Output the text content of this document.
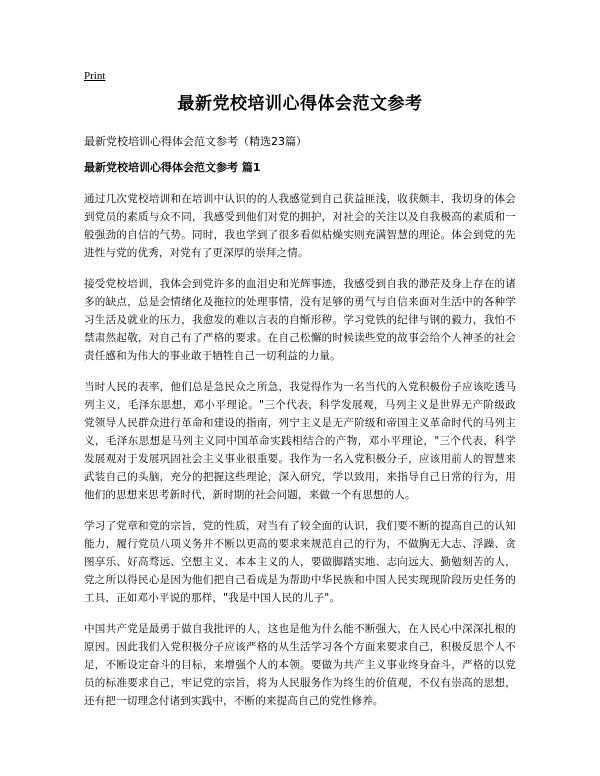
Print
最新党校培训心得体会范文参考
最新党校培训心得体会范文参考（精选23篇）
最新党校培训心得体会范文参考 篇1

通过几次党校培训和在培训中认识的的人我感觉到自己获益匪浅，收获颇丰，我切身的体会到党员的素质与众不同，我感受到他们对党的拥护，对社会的关注以及自我极高的素质和一般强劲的自信的气势。同时，我也学到了很多看似枯燥实则充满智慧的理论。体会到党的先进性与党的优秀，对党有了更深厚的崇拜之情。

接受党校培训，我体会到党许多的血泪史和光辉事迹，我感受到自我的渺茫及身上存在的诸多的缺点，总是会情绪化及拖拉的处理事情，没有足够的勇气与自信来面对生活中的各种学习生活及就业的压力，我愈发的难以言表的自惭形秽。学习党铁的纪律与钢的毅力，我怕不禁肃然起敬，对自己有了严格的要求。在自己松懈的时候读些党的故事会给个人神圣的社会责任感和为伟大的事业敢于牺牲自己一切利益的力量。

当时人民的表率，他们总是急民众之所急，我觉得作为一名当代的入党积极份子应该吃透马列主义，毛泽东思想，邓小平理论。"三个代表，科学发展观，马列主义是世界无产阶级政党领导人民群众进行革命和建设的指南，列宁主义是无产阶级和帝国主义革命时代的马列主义，毛泽东思想是马列主义同中国革命实践相结合的产物，邓小平理论，"三个代表，科学发展观对于发展巩固社会主义事业很重要。我作为一名入党积极分子，应该用前人的智慧来武装自己的头脑，充分的把握这些理论，深入研究，学以致用，来指导自己日常的行为，用他们的思想来思考新时代，新时期的社会问题，来做一个有思想的人。

学习了党章和党的宗旨，党的性质，对当有了较全面的认识，我们要不断的提高自己的认知能力，履行党员八项义务并不断以更高的要求来规范自己的行为，不做胸无大志、浮躁、贪图享乐、好高骛远、空想主义、本本主义的人，要做脚踏实地、志向远大、勤勉刻苦的人，党之所以得民心是因为他们把自己看成是为帮助中华民族和中国人民实现现阶段历史任务的工具，正如邓小平说的那样，"我是中国人民的儿子"。

中国共产党是最勇于做自我批评的人，这也是他为什么能不断强大，在人民心中深深扎根的原因。因此我们入党积极分子应该严格的从生活学习各个方面来要求自己，积极反思个人不足，不断设定奋斗的目标，来增强个人的本领。要做为共产主义事业终身奋斗，严格的以党员的标准要求自己，牢记党的宗旨，将为人民服务作为终生的价值观，不仅有崇高的思想，还有把一切理念付诸到实践中，不断的来提高自己的党性修养。
